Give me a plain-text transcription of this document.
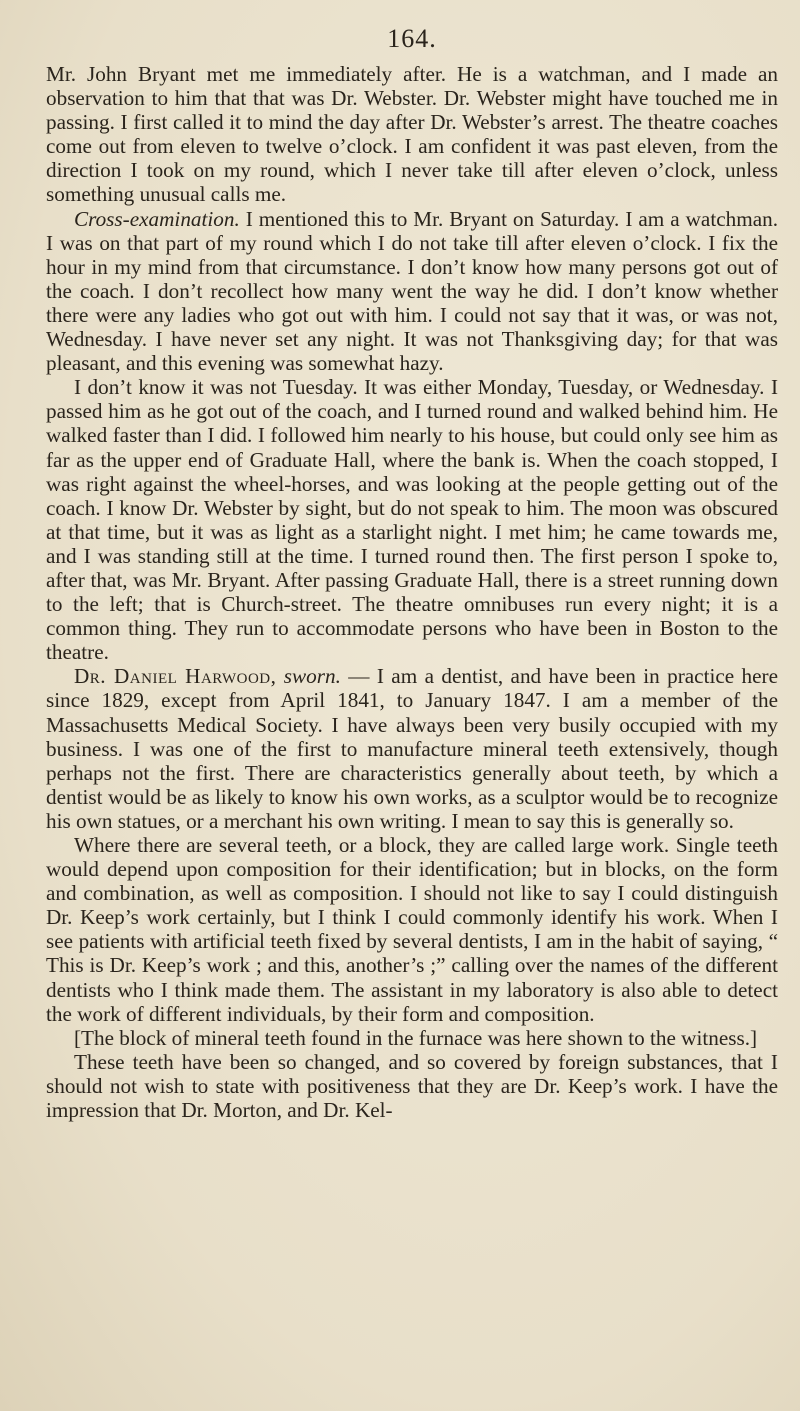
164.

Mr. John Bryant met me immediately after. He is a watchman, and I made an observation to him that that was Dr. Webster. Dr. Webster might have touched me in passing. I first called it to mind the day after Dr. Webster’s arrest. The theatre coaches come out from eleven to twelve o’clock. I am confident it was past eleven, from the direction I took on my round, which I never take till after eleven o’clock, unless something unusual calls me.

Cross-examination. I mentioned this to Mr. Bryant on Saturday. I am a watchman. I was on that part of my round which I do not take till after eleven o’clock. I fix the hour in my mind from that circumstance. I don’t know how many persons got out of the coach. I don’t recollect how many went the way he did. I don’t know whether there were any ladies who got out with him. I could not say that it was, or was not, Wednesday. I have never set any night. It was not Thanksgiving day; for that was pleasant, and this evening was somewhat hazy.

I don’t know it was not Tuesday. It was either Monday, Tuesday, or Wednesday. I passed him as he got out of the coach, and I turned round and walked behind him. He walked faster than I did. I followed him nearly to his house, but could only see him as far as the upper end of Graduate Hall, where the bank is. When the coach stopped, I was right against the wheel-horses, and was looking at the people getting out of the coach. I know Dr. Webster by sight, but do not speak to him. The moon was obscured at that time, but it was as light as a starlight night. I met him; he came towards me, and I was standing still at the time. I turned round then. The first person I spoke to, after that, was Mr. Bryant. After passing Graduate Hall, there is a street running down to the left; that is Church-street. The theatre omnibuses run every night; it is a common thing. They run to accommodate persons who have been in Boston to the theatre.

Dr. Daniel Harwood, sworn. — I am a dentist, and have been in practice here since 1829, except from April 1841, to January 1847. I am a member of the Massachusetts Medical Society. I have always been very busily occupied with my business. I was one of the first to manufacture mineral teeth extensively, though perhaps not the first. There are characteristics generally about teeth, by which a dentist would be as likely to know his own works, as a sculptor would be to recognize his own statues, or a merchant his own writing. I mean to say this is generally so.

Where there are several teeth, or a block, they are called large work. Single teeth would depend upon composition for their identification; but in blocks, on the form and combination, as well as composition. I should not like to say I could distinguish Dr. Keep’s work certainly, but I think I could commonly identify his work. When I see patients with artificial teeth fixed by several dentists, I am in the habit of saying, “ This is Dr. Keep’s work ; and this, another’s ;” calling over the names of the different dentists who I think made them. The assistant in my laboratory is also able to detect the work of different individuals, by their form and composition.

[The block of mineral teeth found in the furnace was here shown to the witness.]

These teeth have been so changed, and so covered by foreign substances, that I should not wish to state with positiveness that they are Dr. Keep’s work. I have the impression that Dr. Morton, and Dr. Kel-
